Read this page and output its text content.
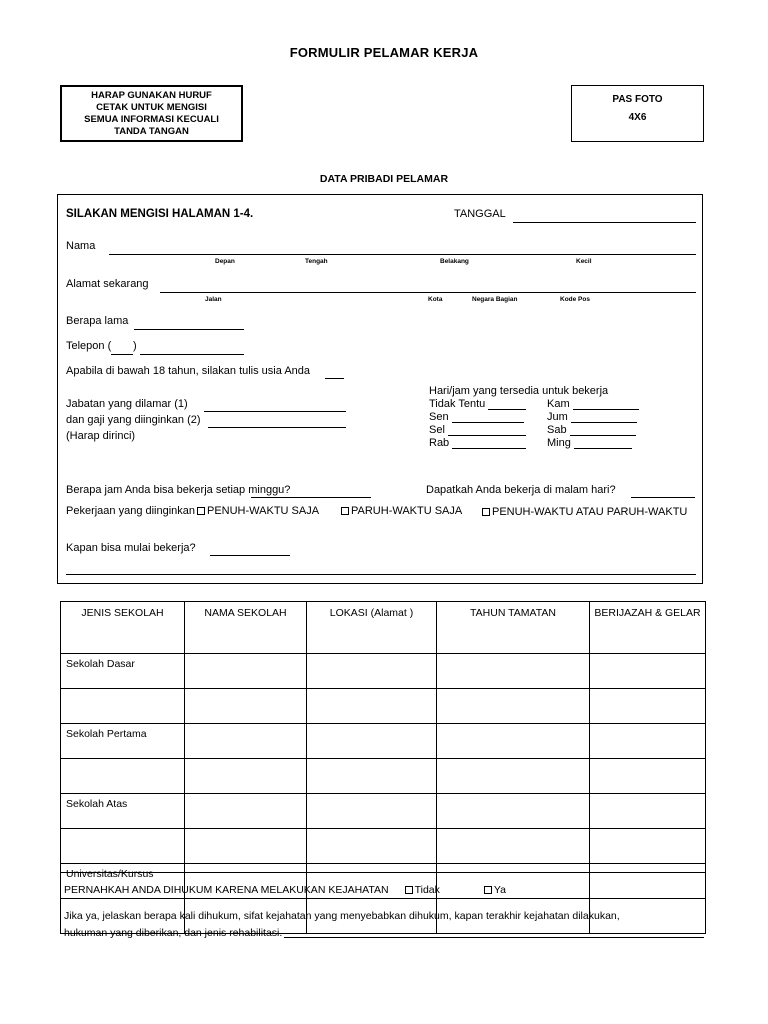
FORMULIR PELAMAR KERJA
HARAP GUNAKAN HURUF
CETAK UNTUK MENGISI
SEMUA INFORMASI KECUALI
TANDA TANGAN
PAS FOTO
4X6
DATA PRIBADI PELAMAR
SILAKAN MENGISI HALAMAN 1-4.	TANGGAL
Nama
Depan	Tengah	Belakang	Kecil
Alamat sekarang
Jalan	Kota	Negara Bagian	Kode Pos
Berapa lama
Telepon ( )
Apabila di bawah 18 tahun, silakan tulis usia Anda
Jabatan yang dilamar (1)
dan gaji yang diinginkan (2)
(Harap dirinci)
Hari/jam yang tersedia untuk bekerja
Tidak Tentu	Kam
Sen	Jum
Sel	Sab
Rab	Ming
Berapa jam Anda bisa bekerja setiap minggu?	Dapatkah Anda bekerja di malam hari?
Pekerjaan yang diinginkan	PENUH-WAKTU SAJA	PARUH-WAKTU SAJA	PENUH-WAKTU ATAU PARUH-WAKTU
Kapan bisa mulai bekerja?
JENIS SEKOLAH	NAMA SEKOLAH	LOKASI (Alamat )	TAHUN TAMATAN	BERIJAZAH & GELAR
Sekolah Dasar				

Sekolah Pertama				

Sekolah Atas				

Universitas/Kursus				

PERNAHKAH ANDA DIHUKUM KARENA MELAKUKAN KEJAHATAN Tidak	Ya
Jika ya, jelaskan berapa kali dihukum, sifat kejahatan yang menyebabkan dihukum, kapan terakhir kejahatan dilakukan,
hukuman yang diberikan, dan jenis rehabilitasi.
